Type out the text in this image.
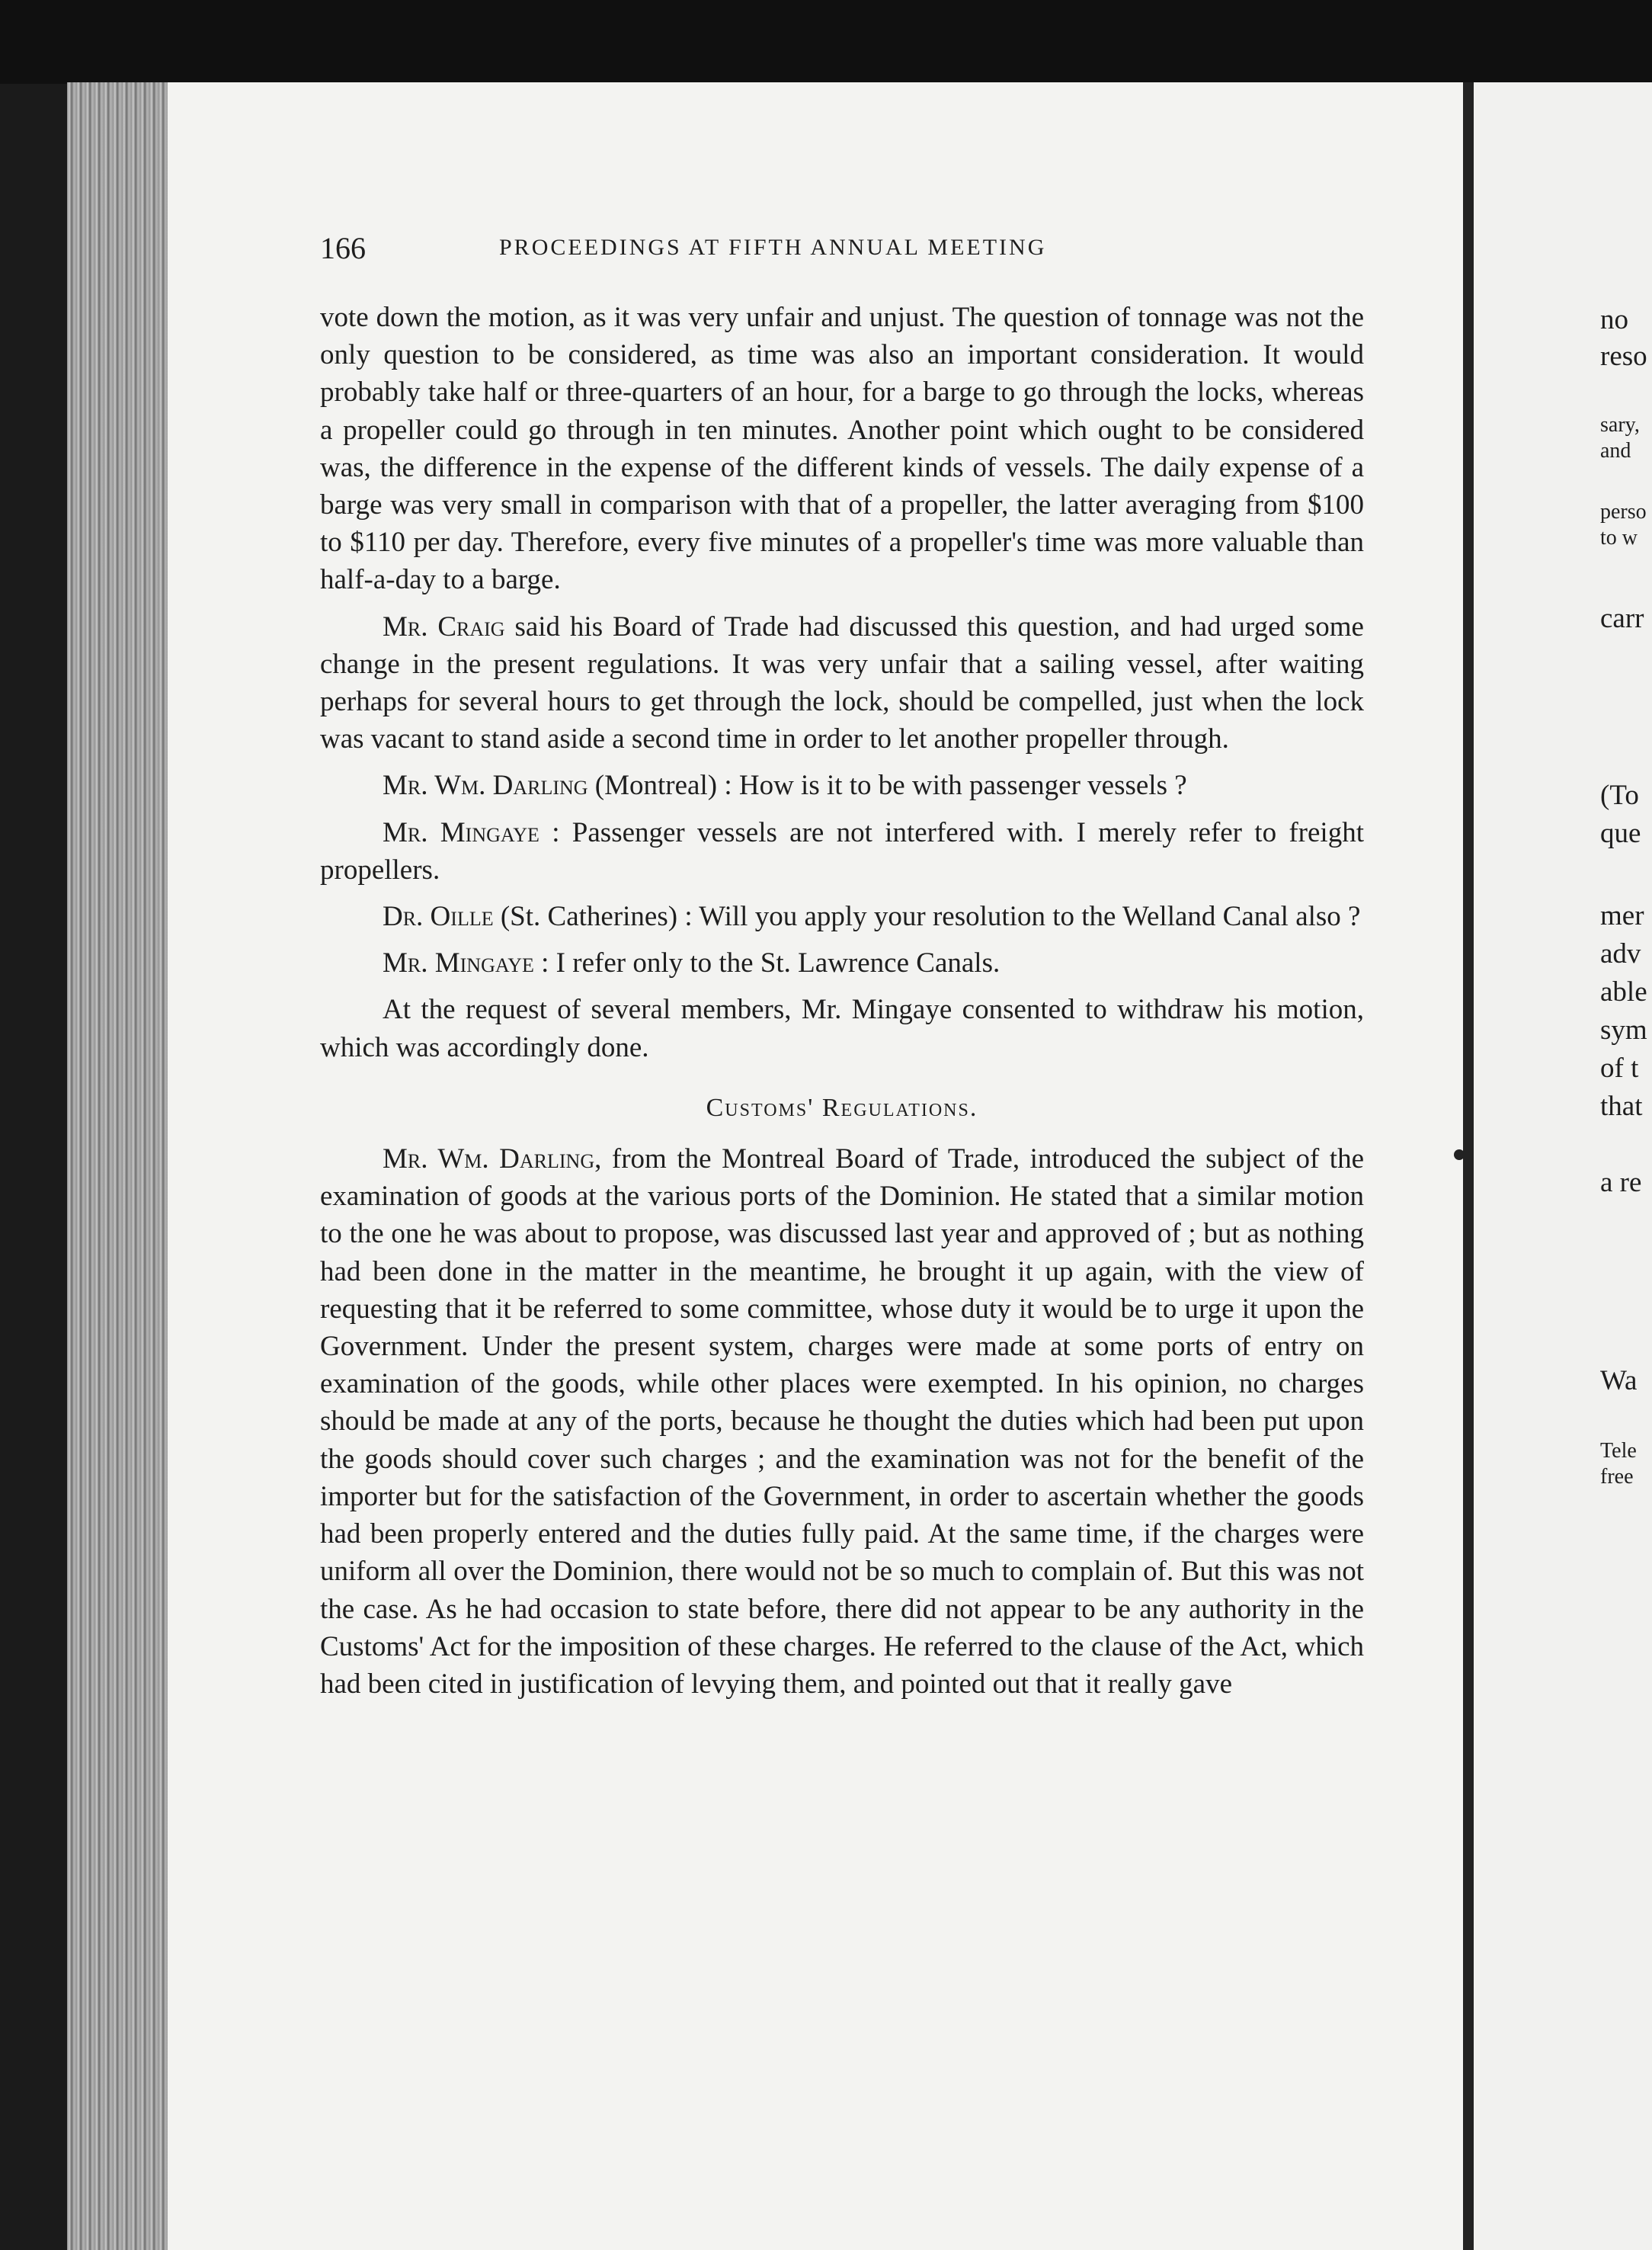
no
reso
sary,
and
perso
to w
carr
(To
que
mer
adv
able
sym
of t
that
a re
Wa
Tele
free
166	PROCEEDINGS AT FIFTH ANNUAL MEETING

vote down the motion, as it was very unfair and unjust. The question of tonnage was not the only question to be considered, as time was also an important consideration. It would probably take half or three-quarters of an hour, for a barge to go through the locks, whereas a propeller could go through in ten minutes. Another point which ought to be considered was, the difference in the expense of the different kinds of vessels. The daily expense of a barge was very small in comparison with that of a propeller, the latter averaging from $100 to $110 per day. Therefore, every five minutes of a propeller's time was more valuable than half-a-day to a barge.

Mr. Craig said his Board of Trade had discussed this question, and had urged some change in the present regulations. It was very unfair that a sailing vessel, after waiting perhaps for several hours to get through the lock, should be compelled, just when the lock was vacant to stand aside a second time in order to let another propeller through.

Mr. Wm. Darling (Montreal) : How is it to be with passenger vessels ?

Mr. Mingaye : Passenger vessels are not interfered with. I merely refer to freight propellers.

Dr. Oille (St. Catherines) : Will you apply your resolution to the Welland Canal also ?

Mr. Mingaye : I refer only to the St. Lawrence Canals.

At the request of several members, Mr. Mingaye consented to withdraw his motion, which was accordingly done.

Customs' Regulations.

Mr. Wm. Darling, from the Montreal Board of Trade, introduced the subject of the examination of goods at the various ports of the Dominion. He stated that a similar motion to the one he was about to propose, was discussed last year and approved of ; but as nothing had been done in the matter in the meantime, he brought it up again, with the view of requesting that it be referred to some committee, whose duty it would be to urge it upon the Government. Under the present system, charges were made at some ports of entry on examination of the goods, while other places were exempted. In his opinion, no charges should be made at any of the ports, because he thought the duties which had been put upon the goods should cover such charges ; and the examination was not for the benefit of the importer but for the satisfaction of the Government, in order to ascertain whether the goods had been properly entered and the duties fully paid. At the same time, if the charges were uniform all over the Dominion, there would not be so much to complain of. But this was not the case. As he had occasion to state before, there did not appear to be any authority in the Customs' Act for the imposition of these charges. He referred to the clause of the Act, which had been cited in justification of levying them, and pointed out that it really gave
